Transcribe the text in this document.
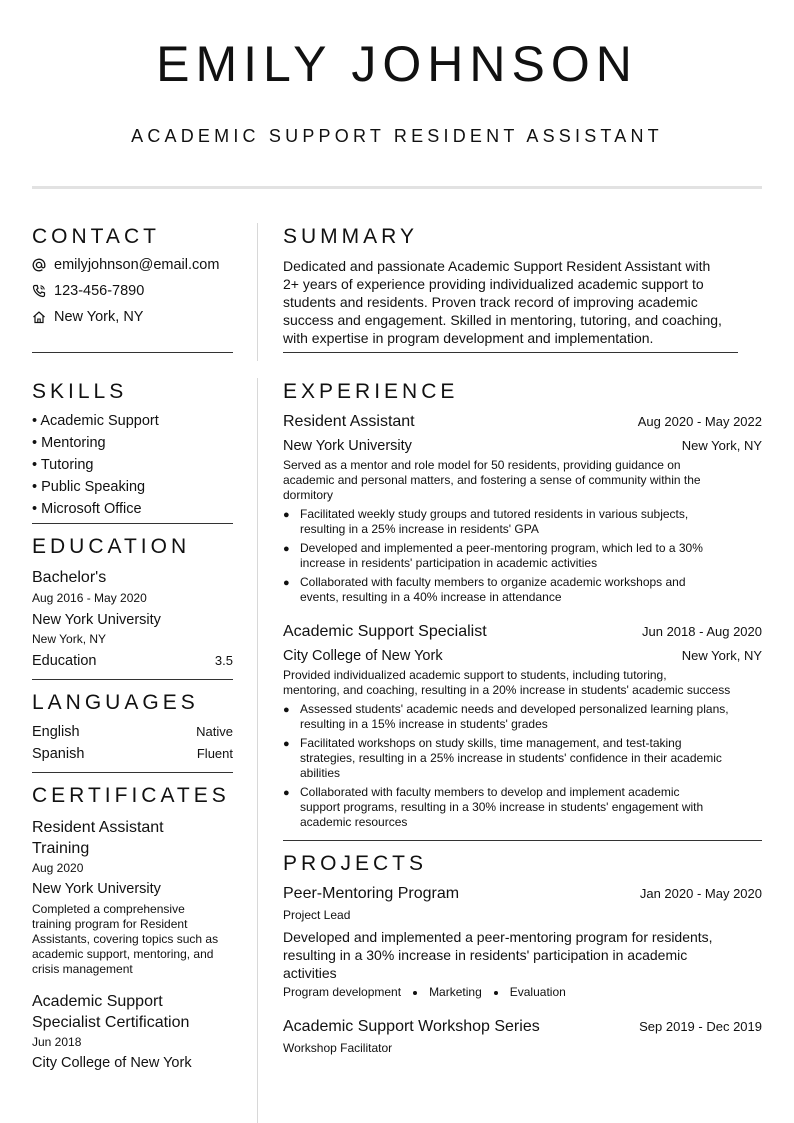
EMILY JOHNSON
ACADEMIC SUPPORT RESIDENT ASSISTANT
CONTACT
emilyjohnson@email.com
123-456-7890
New York, NY
SKILLS
• Academic Support
• Mentoring
• Tutoring
• Public Speaking
• Microsoft Office
EDUCATION
Bachelor's
Aug 2016 - May 2020
New York University
New York, NY
Education	3.5
LANGUAGES
English	Native
Spanish	Fluent
CERTIFICATES
Resident Assistant
Training
Aug 2020
New York University
Completed a comprehensive
training program for Resident
Assistants, covering topics such as
academic support, mentoring, and
crisis management
Academic Support
Specialist Certification
Jun 2018
City College of New York
SUMMARY
Dedicated and passionate Academic Support Resident Assistant with
2+ years of experience providing individualized academic support to
students and residents. Proven track record of improving academic
success and engagement. Skilled in mentoring, tutoring, and coaching,
with expertise in program development and implementation.
EXPERIENCE
Resident Assistant	Aug 2020 - May 2022
New York University	New York, NY
Served as a mentor and role model for 50 residents, providing guidance on
academic and personal matters, and fostering a sense of community within the
dormitory
● Facilitated weekly study groups and tutored residents in various subjects,
resulting in a 25% increase in residents' GPA
● Developed and implemented a peer-mentoring program, which led to a 30%
increase in residents' participation in academic activities
● Collaborated with faculty members to organize academic workshops and
events, resulting in a 40% increase in attendance
Academic Support Specialist	Jun 2018 - Aug 2020
City College of New York	New York, NY
Provided individualized academic support to students, including tutoring,
mentoring, and coaching, resulting in a 20% increase in students' academic success
● Assessed students' academic needs and developed personalized learning plans,
resulting in a 15% increase in students' grades
● Facilitated workshops on study skills, time management, and test-taking
strategies, resulting in a 25% increase in students' confidence in their academic
abilities
● Collaborated with faculty members to develop and implement academic
support programs, resulting in a 30% increase in students' engagement with
academic resources
PROJECTS
Peer-Mentoring Program	Jan 2020 - May 2020
Project Lead
Developed and implemented a peer-mentoring program for residents,
resulting in a 30% increase in residents' participation in academic
activities
Program development Marketing Evaluation
Academic Support Workshop Series	Sep 2019 - Dec 2019
Workshop Facilitator
